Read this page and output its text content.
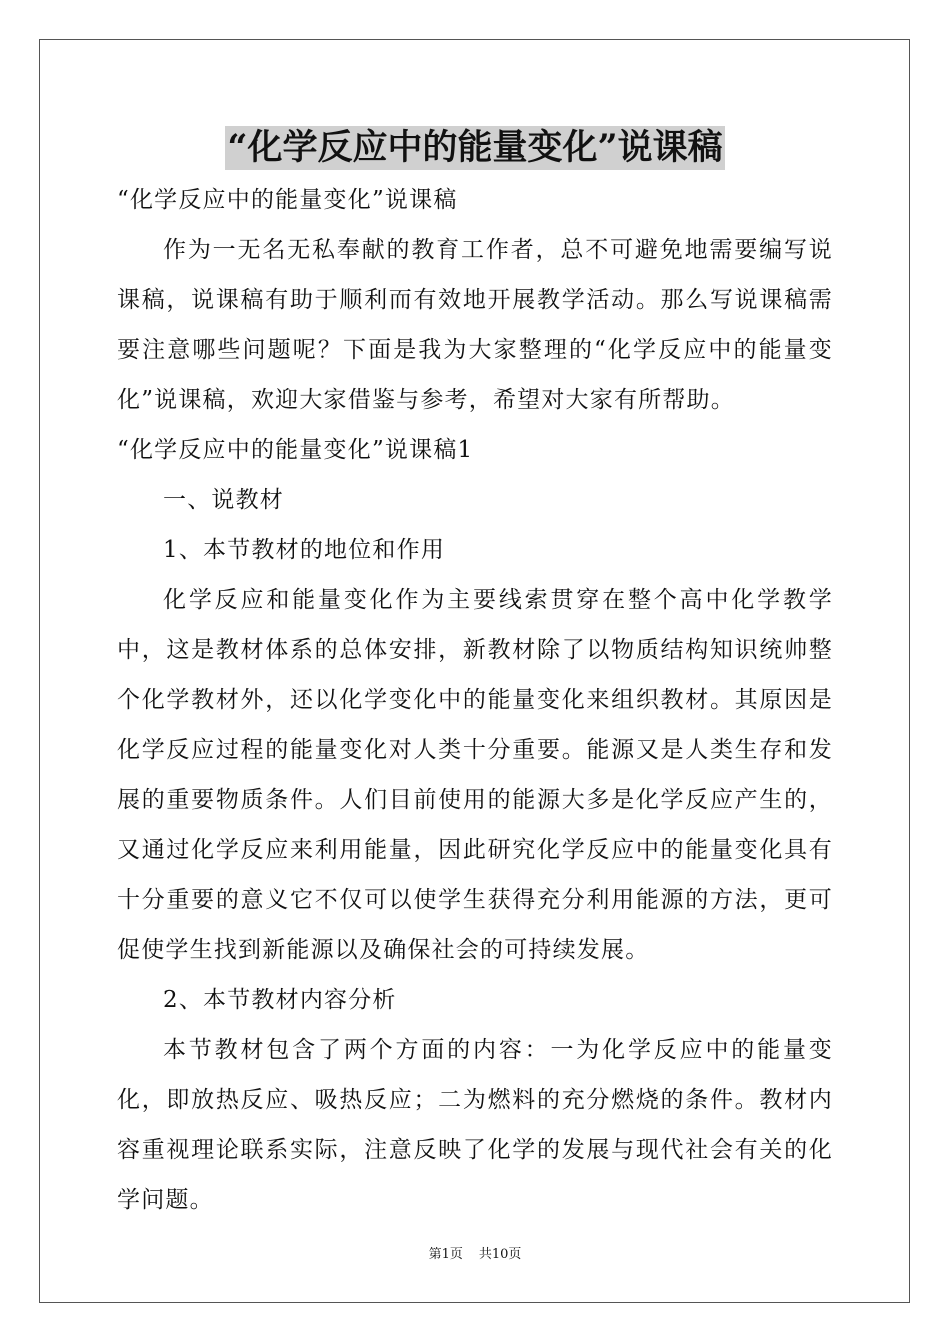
“化学反应中的能量变化”说课稿

“化学反应中的能量变化”说课稿

作为一无名无私奉献的教育工作者，总不可避免地需要编写说课稿，说课稿有助于顺利而有效地开展教学活动。那么写说课稿需要注意哪些问题呢？下面是我为大家整理的“化学反应中的能量变化”说课稿，欢迎大家借鉴与参考，希望对大家有所帮助。

“化学反应中的能量变化”说课稿1

一、说教材

1、本节教材的地位和作用

化学反应和能量变化作为主要线索贯穿在整个高中化学教学中，这是教材体系的总体安排，新教材除了以物质结构知识统帅整个化学教材外，还以化学变化中的能量变化来组织教材。其原因是化学反应过程的能量变化对人类十分重要。能源又是人类生存和发展的重要物质条件。人们目前使用的能源大多是化学反应产生的，又通过化学反应来利用能量，因此研究化学反应中的能量变化具有十分重要的意义它不仅可以使学生获得充分利用能源的方法，更可促使学生找到新能源以及确保社会的可持续发展。

2、本节教材内容分析

本节教材包含了两个方面的内容：一为化学反应中的能量变化，即放热反应、吸热反应；二为燃料的充分燃烧的条件。教材内容重视理论联系实际，注意反映了化学的发展与现代社会有关的化学问题。

第1页 共10页
